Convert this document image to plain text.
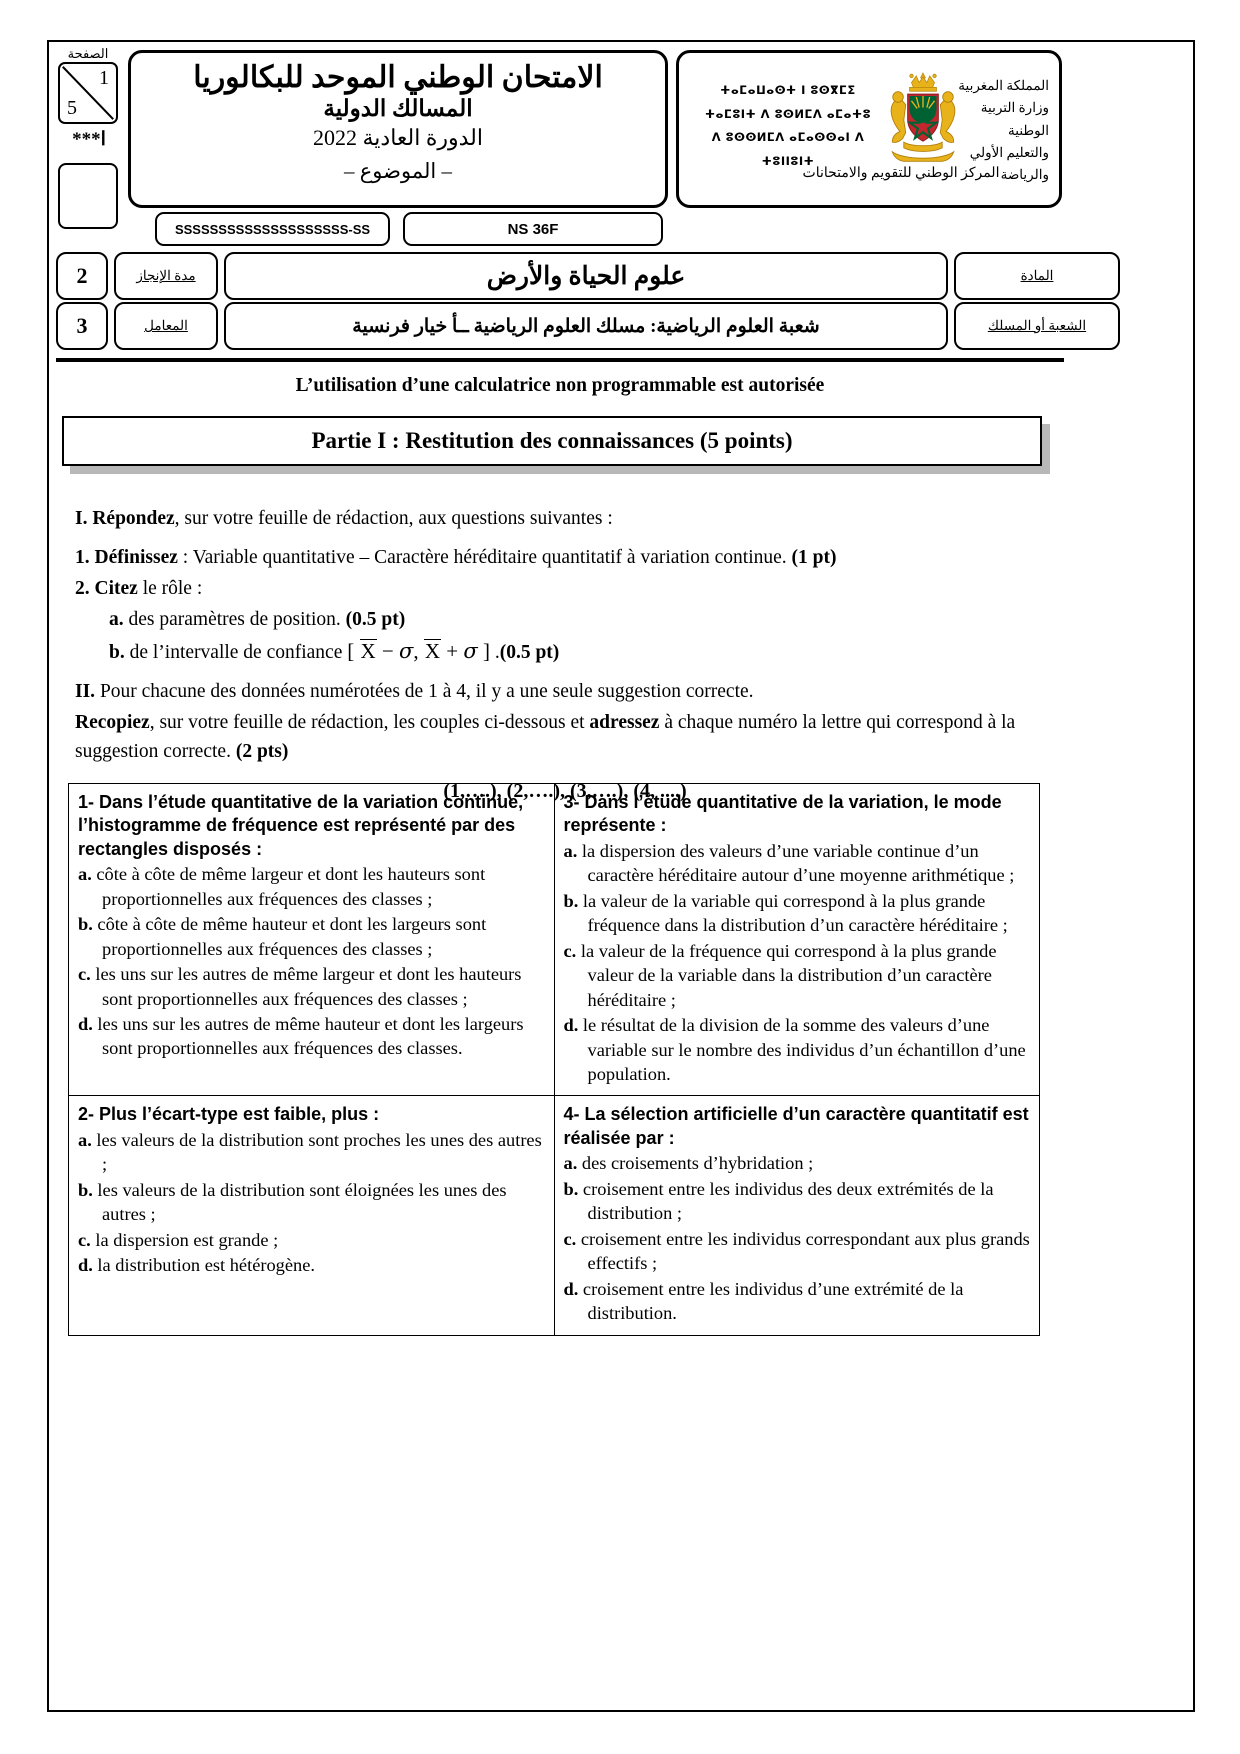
الصفحة
1
5
***ا
الامتحان الوطني الموحد للبكالوريا
المسالك الدولية
الدورة العادية 2022
– الموضوع –
SSSSSSSSSSSSSSSSSSSS-SS	NS 36F
ⵜⴰⵎⴰⵡⴰⵙⵜ ⵏ ⵓⵙⴳⵎⵉ
ⵜⴰⵎⵓⵏⵜ ⴷ ⵓⵙⵍⵎⴷ ⴰⵎⴰⵜⵓ
ⴷ ⵓⵙⵙⵍⵎⴷ ⴰⵎⴰⵙⵙⴰⵏ ⴷ ⵜⵓⵏⵏⵓⵏⵜ
المملكة المغربية
وزارة التربية الوطنية
والتعليم الأولي والرياضة
المركز الوطني للتقويم والامتحانات
2	مدة الإنجاز	علوم الحياة والأرض	المادة
3	المعامل	شعبة العلوم الرياضية: مسلك العلوم الرياضية ــأ خيار فرنسية	الشعبة أو المسلك
L’utilisation d’une calculatrice non programmable est autorisée
Partie I : Restitution des connaissances (5 points)

I. Répondez, sur votre feuille de rédaction, aux questions suivantes :

1. Définissez : Variable quantitative – Caractère héréditaire quantitatif à variation continue. (1 pt)

2. Citez le rôle :

a. des paramètres de position. (0.5 pt)

b. de l’intervalle de confiance [ X − σ, X + σ ] .(0.5 pt)

II. Pour chacune des données numérotées de 1 à 4, il y a une seule suggestion correcte.

Recopiez, sur votre feuille de rédaction, les couples ci-dessous et adressez à chaque numéro la lettre qui correspond à la suggestion correcte. (2 pts)

(1,….), (2,….), (3,….), (4, ....)
1- Dans l’étude quantitative de la variation continue, l’histogramme de fréquence est représenté par des rectangles disposés :
a. côte à côte de même largeur et dont les hauteurs sont proportionnelles aux fréquences des classes ;
b. côte à côte de même hauteur et dont les largeurs sont proportionnelles aux fréquences des classes ;
c. les uns sur les autres de même largeur et dont les hauteurs sont proportionnelles aux fréquences des classes ;
d. les uns sur les autres de même hauteur et dont les largeurs sont proportionnelles aux fréquences des classes.

3- Dans l’étude quantitative de la variation, le mode représente :
a. la dispersion des valeurs d’une variable continue d’un caractère héréditaire autour d’une moyenne arithmétique ;
b. la valeur de la variable qui correspond à la plus grande fréquence dans la distribution d’un caractère héréditaire ;
c. la valeur de la fréquence qui correspond à la plus grande valeur de la variable dans la distribution d’un caractère héréditaire ;
d. le résultat de la division de la somme des valeurs d’une variable sur le nombre des individus d’un échantillon d’une population.

2- Plus l’écart-type est faible, plus :
a. les valeurs de la distribution sont proches les unes des autres ;
b. les valeurs de la distribution sont éloignées les unes des autres ;
c. la dispersion est grande ;
d. la distribution est hétérogène.

4- La sélection artificielle d’un caractère quantitatif est réalisée par :
a. des croisements d’hybridation ;
b. croisement entre les individus des deux extrémités de la distribution ;
c. croisement entre les individus correspondant aux plus grands effectifs ;
d. croisement entre les individus d’une extrémité de la distribution.
